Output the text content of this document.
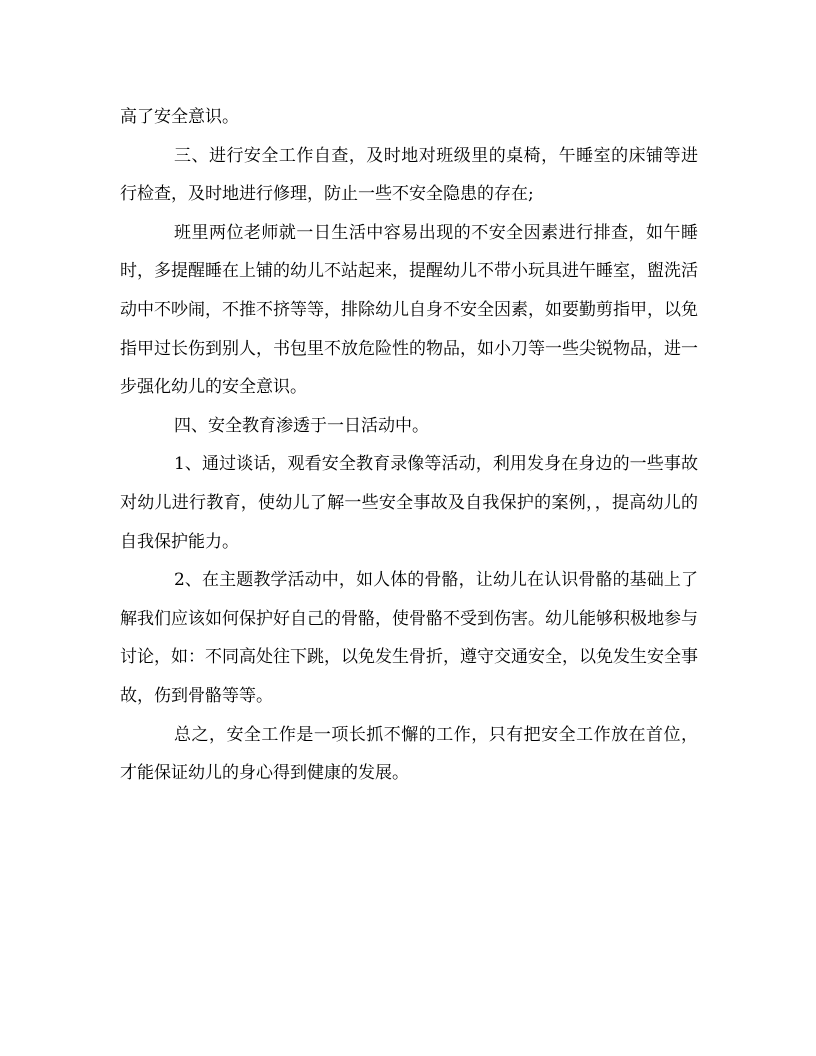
高了安全意识。

三、进行安全工作自查，及时地对班级里的桌椅，午睡室的床铺等进行检查，及时地进行修理，防止一些不安全隐患的存在;

班里两位老师就一日生活中容易出现的不安全因素进行排查，如午睡时，多提醒睡在上铺的幼儿不站起来，提醒幼儿不带小玩具进午睡室，盥洗活动中不吵闹，不推不挤等等，排除幼儿自身不安全因素，如要勤剪指甲，以免指甲过长伤到别人，书包里不放危险性的物品，如小刀等一些尖锐物品，进一步强化幼儿的安全意识。

四、安全教育渗透于一日活动中。

1、通过谈话，观看安全教育录像等活动，利用发身在身边的一些事故对幼儿进行教育，使幼儿了解一些安全事故及自我保护的案例，，提高幼儿的自我保护能力。

2、在主题教学活动中，如人体的骨骼，让幼儿在认识骨骼的基础上了解我们应该如何保护好自己的骨骼，使骨骼不受到伤害。幼儿能够积极地参与讨论，如：不同高处往下跳，以免发生骨折，遵守交通安全，以免发生安全事故，伤到骨骼等等。

总之，安全工作是一项长抓不懈的工作，只有把安全工作放在首位，才能保证幼儿的身心得到健康的发展。
